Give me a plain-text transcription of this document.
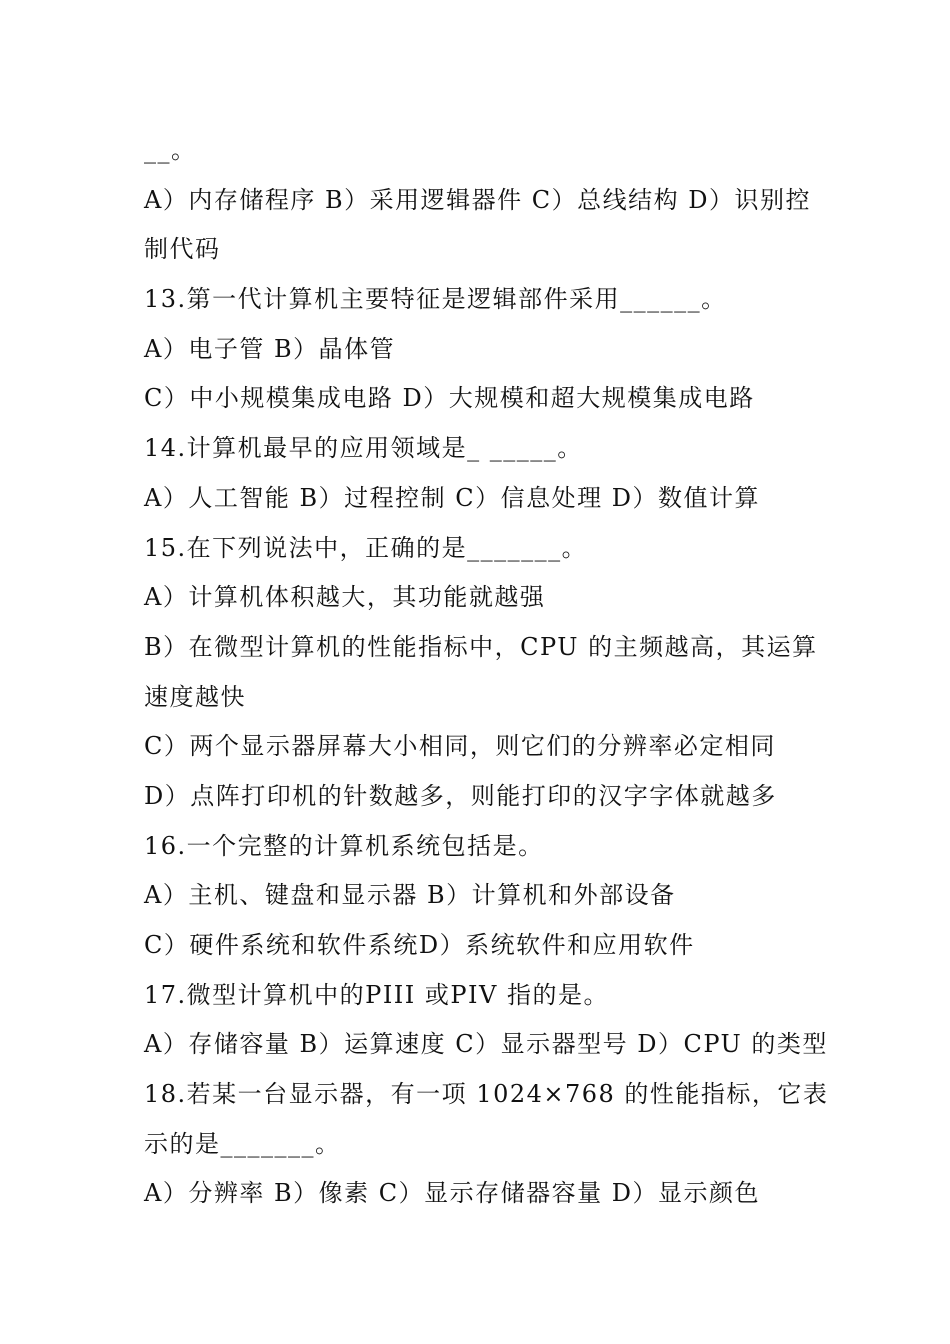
__。
A）内存储程序 B）采用逻辑器件 C）总线结构 D）识别控
制代码
13.第一代计算机主要特征是逻辑部件采用______。
A）电子管 B）晶体管
C）中小规模集成电路 D）大规模和超大规模集成电路
14.计算机最早的应用领域是_ _____。
A）人工智能 B）过程控制 C）信息处理 D）数值计算
15.在下列说法中，正确的是_______。
A）计算机体积越大，其功能就越强
B）在微型计算机的性能指标中，CPU 的主频越高，其运算
速度越快
C）两个显示器屏幕大小相同，则它们的分辨率必定相同
D）点阵打印机的针数越多，则能打印的汉字字体就越多
16.一个完整的计算机系统包括是。
A）主机、键盘和显示器 B）计算机和外部设备
C）硬件系统和软件系统D）系统软件和应用软件
17.微型计算机中的PIII 或PIV 指的是。
A）存储容量 B）运算速度 C）显示器型号 D）CPU 的类型
18.若某一台显示器，有一项 1024×768 的性能指标，它表
示的是_______。
A）分辨率 B）像素 C）显示存储器容量 D）显示颜色
